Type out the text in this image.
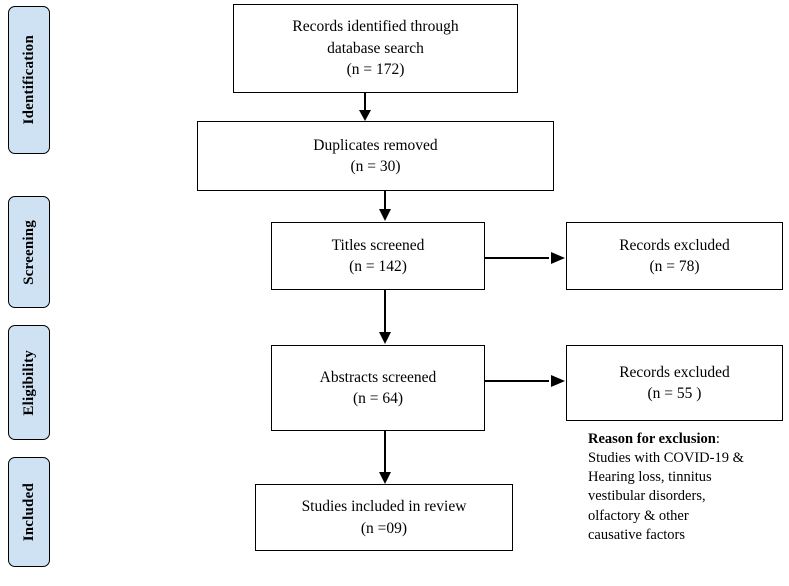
Identification
Screening
Eligibility
Included
Records identified through
database search
(n = 172)
Duplicates removed
(n = 30)
Titles screened
(n = 142)
Records excluded
(n = 78)
Abstracts screened
(n = 64)
Records excluded
(n = 55 )
Studies included in review
(n =09)
Reason for exclusion:
Studies with COVID-19 &
Hearing loss, tinnitus
vestibular disorders,
olfactory & other
causative factors
